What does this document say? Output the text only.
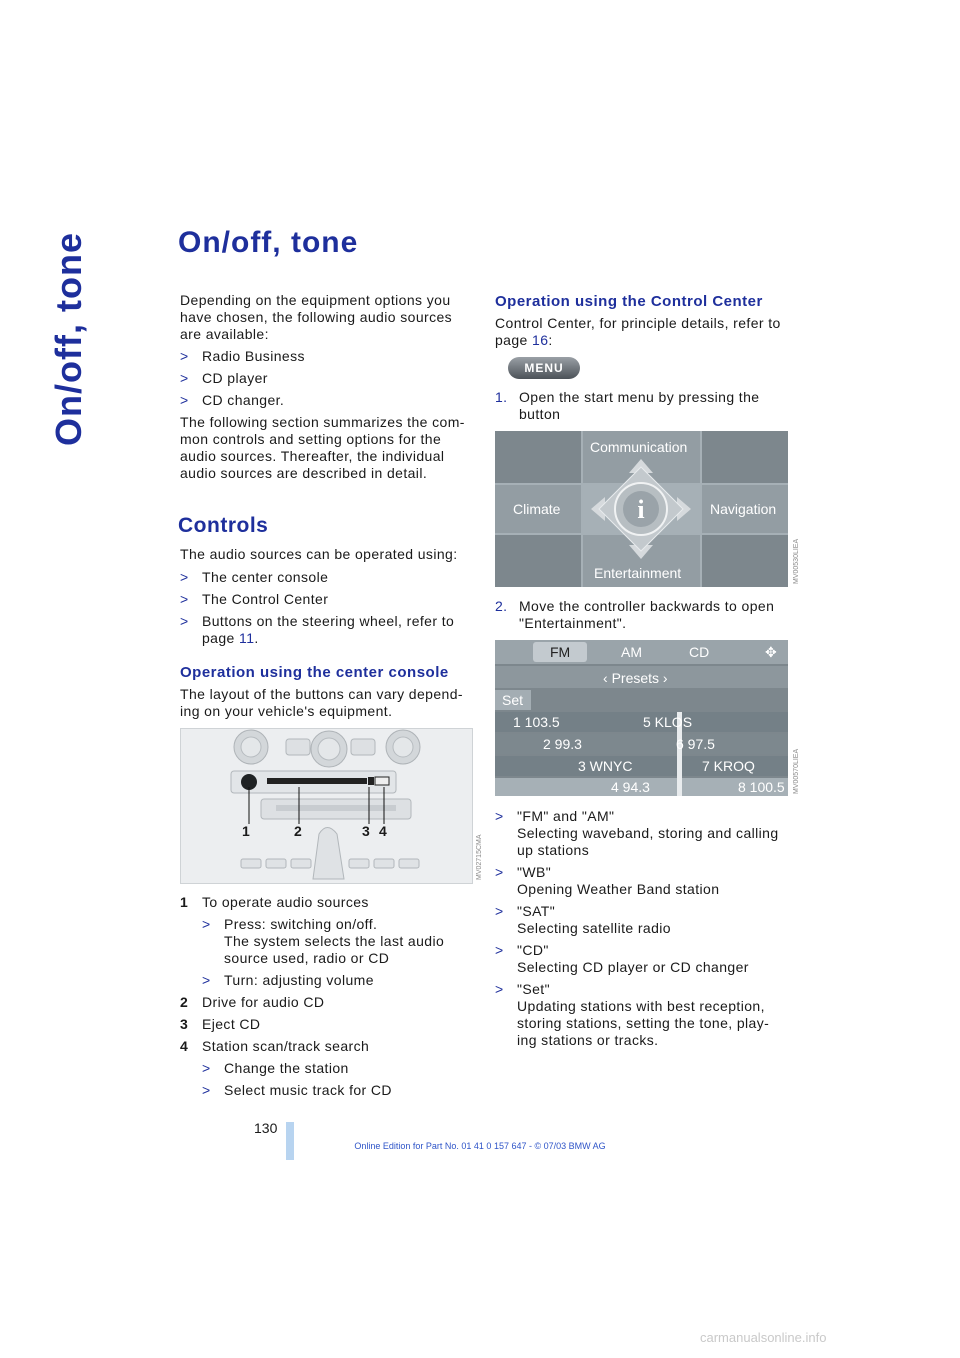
On/off, tone	On/off, tone
Depending on the equipment options you
have chosen, the following audio sources
are available:
> Radio Business
> CD player
> CD changer.
The following section summarizes the com-
mon controls and setting options for the
audio sources. Thereafter, the individual
audio sources are described in detail.
Controls
The audio sources can be operated using:
> The center console
> The Control Center
> Buttons on the steering wheel, refer to
page 11.
Operation using the center console
The layout of the buttons can vary depend-
ing on your vehicle's equipment.
1	2	3 4
MV02715CMA
1 To operate audio sources
> Press: switching on/off.
The system selects the last audio
source used, radio or CD
> Turn: adjusting volume
2 Drive for audio CD
3 Eject CD
4 Station scan/track search
> Change the station
> Select music track for CD
Operation using the Control Center
Control Center, for principle details, refer to
page 16:
MENU
1. Open the start menu by pressing the
button
i
Communication
Climate	Navigation
Entertainment	MV00530LIEA
2. Move the controller backwards to open
"Entertainment".
FM	AM	CD	✥
‹ Presets ›
Set
1 103.5	5 KLOS
2 99.3	6 97.5
3 WNYC	7 KROQ
4 94.3	8 100.5 MV00570LIEA
> "FM" and "AM"
Selecting waveband, storing and calling
up stations
> "WB"
Opening Weather Band station
> "SAT"
Selecting satellite radio
> "CD"
Selecting CD player or CD changer
> "Set"
Updating stations with best reception,
storing stations, setting the tone, play-
ing stations or tracks.
130
Online Edition for Part No. 01 41 0 157 647 - © 07/03 BMW AG
carmanualsonline.info
